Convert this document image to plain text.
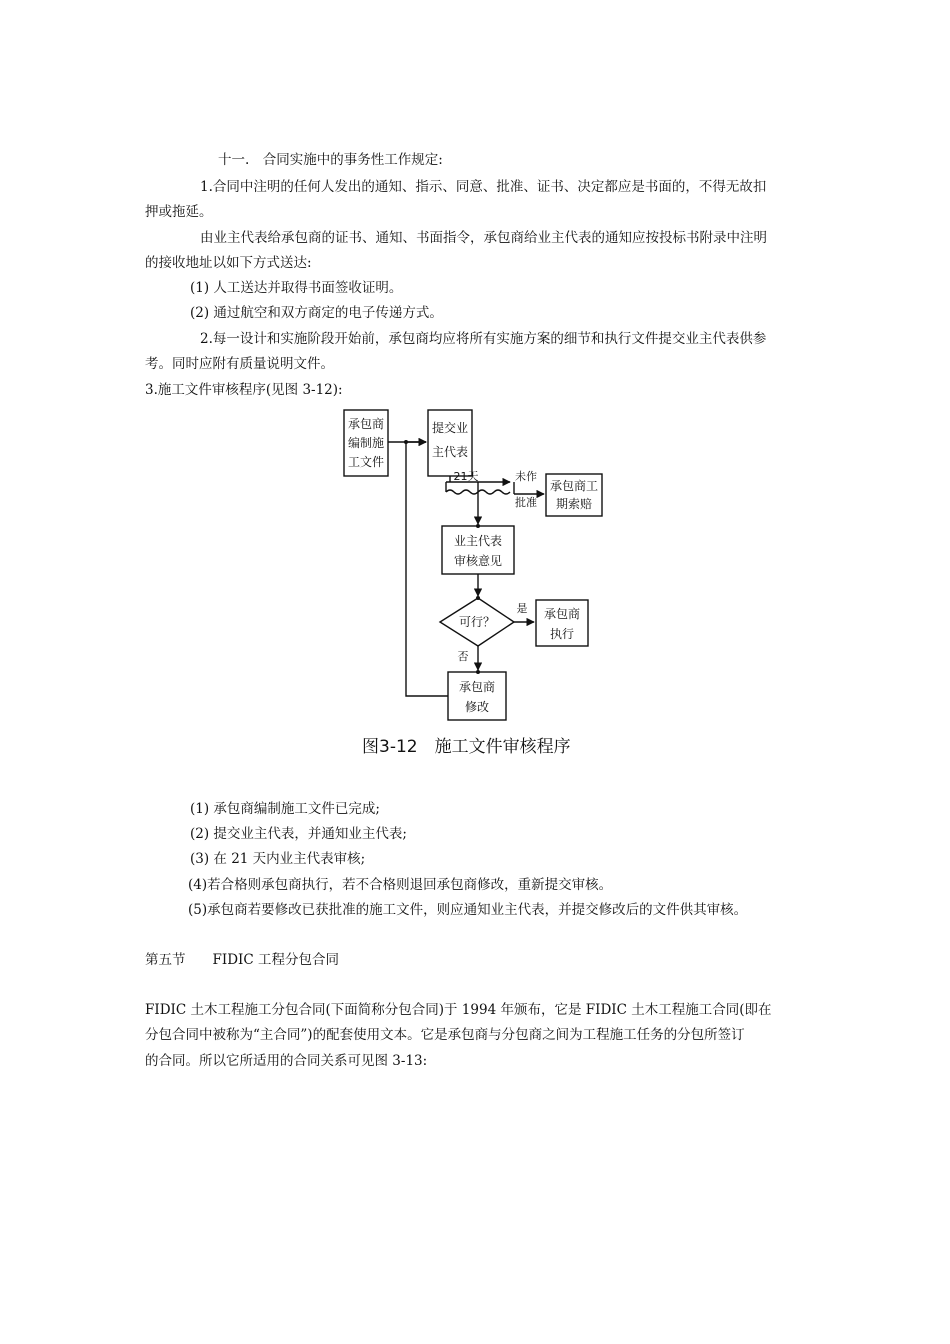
十一.　合同实施中的事务性工作规定:
1.合同中注明的任何人发出的通知、指示、同意、批准、证书、决定都应是书面的，不得无故扣
押或拖延。
由业主代表给承包商的证书、通知、书面指令，承包商给业主代表的通知应按投标书附录中注明
的接收地址以如下方式送达:
(1) 人工送达并取得书面签收证明。
(2) 通过航空和双方商定的电子传递方式。
2.每一设计和实施阶段开始前，承包商均应将所有实施方案的细节和执行文件提交业主代表供参
考。同时应附有质量说明文件。
3.施工文件审核程序(见图 3-12):
承包商
编制施
工文件
提交业
主代表
21天	未作
批准
承包商工
期索赔
业主代表
审核意见
可行？
是
否
承包商
执行
承包商
修改
图3-12　施工文件审核程序
(1) 承包商编制施工文件已完成;
(2) 提交业主代表，并通知业主代表;
(3) 在 21 天内业主代表审核;
(4)若合格则承包商执行，若不合格则退回承包商修改，重新提交审核。
(5)承包商若要修改已获批准的施工文件，则应通知业主代表，并提交修改后的文件供其审核。
第五节　　FIDIC 工程分包合同
FIDIC 土木工程施工分包合同(下面简称分包合同)于 1994 年颁布，它是 FIDIC 土木工程施工合同(即在
分包合同中被称为“主合同”)的配套使用文本。它是承包商与分包商之间为工程施工任务的分包所签订
的合同。所以它所适用的合同关系可见图 3-13:
